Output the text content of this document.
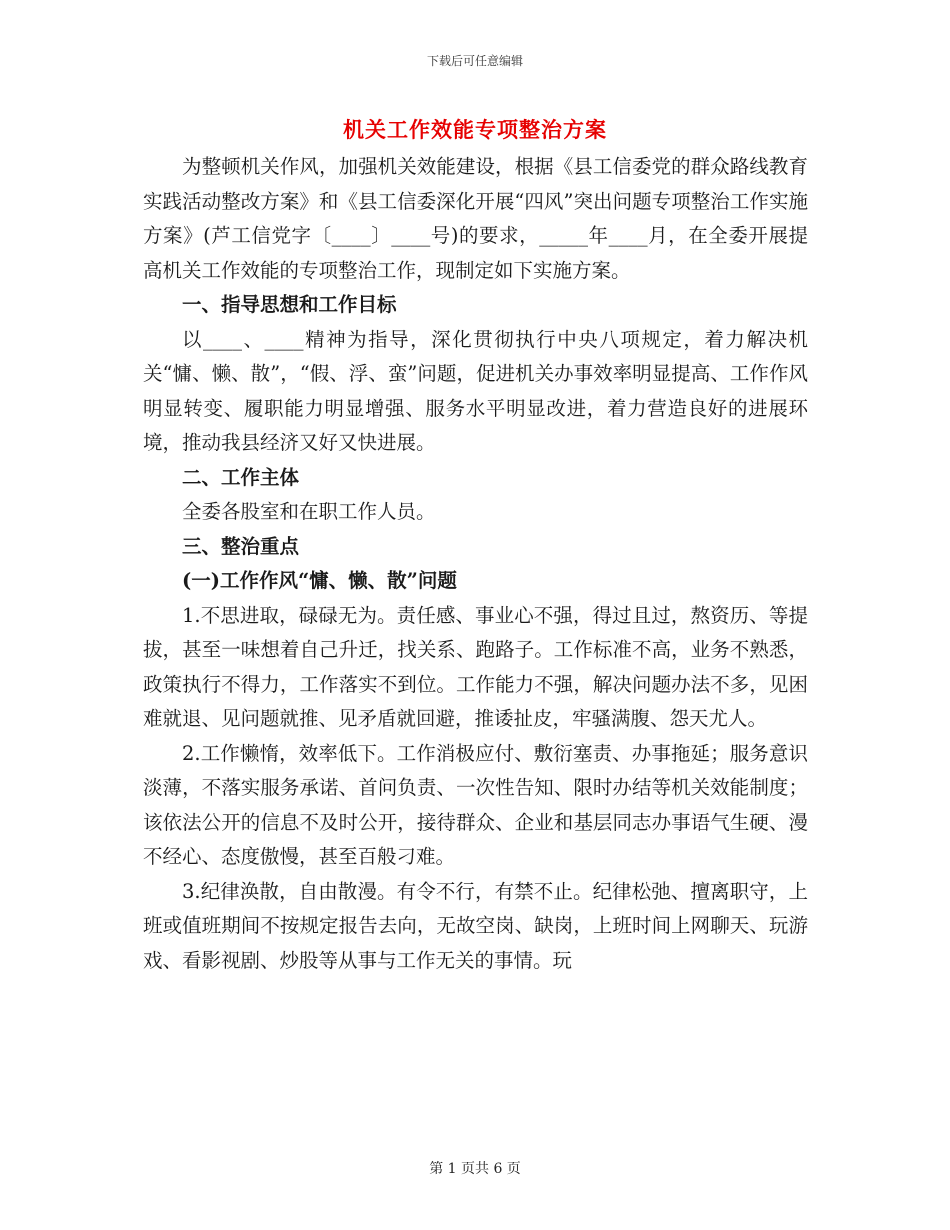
下载后可任意编辑
机关工作效能专项整治方案

为整顿机关作风，加强机关效能建设，根据《县工信委党的群众路线教育实践活动整改方案》和《县工信委深化开展“四风”突出问题专项整治工作实施方案》(芦工信党字〔____〕____号)的要求，_____年____月，在全委开展提高机关工作效能的专项整治工作，现制定如下实施方案。

一、指导思想和工作目标

以____、____精神为指导，深化贯彻执行中央八项规定，着力解决机关“慵、懒、散”，“假、浮、蛮”问题，促进机关办事效率明显提高、工作作风明显转变、履职能力明显增强、服务水平明显改进，着力营造良好的进展环境，推动我县经济又好又快进展。

二、工作主体

全委各股室和在职工作人员。

三、整治重点

(一)工作作风“慵、懒、散”问题

1.不思进取，碌碌无为。责任感、事业心不强，得过且过，熬资历、等提拔，甚至一味想着自己升迁，找关系、跑路子。工作标准不高，业务不熟悉，政策执行不得力，工作落实不到位。工作能力不强，解决问题办法不多，见困难就退、见问题就推、见矛盾就回避，推诿扯皮，牢骚满腹、怨天尤人。

2.工作懒惰，效率低下。工作消极应付、敷衍塞责、办事拖延；服务意识淡薄，不落实服务承诺、首问负责、一次性告知、限时办结等机关效能制度；该依法公开的信息不及时公开，接待群众、企业和基层同志办事语气生硬、漫不经心、态度傲慢，甚至百般刁难。

3.纪律涣散，自由散漫。有令不行，有禁不止。纪律松弛、擅离职守，上班或值班期间不按规定报告去向，无故空岗、缺岗，上班时间上网聊天、玩游戏、看影视剧、炒股等从事与工作无关的事情。玩

第 1 页共 6 页
